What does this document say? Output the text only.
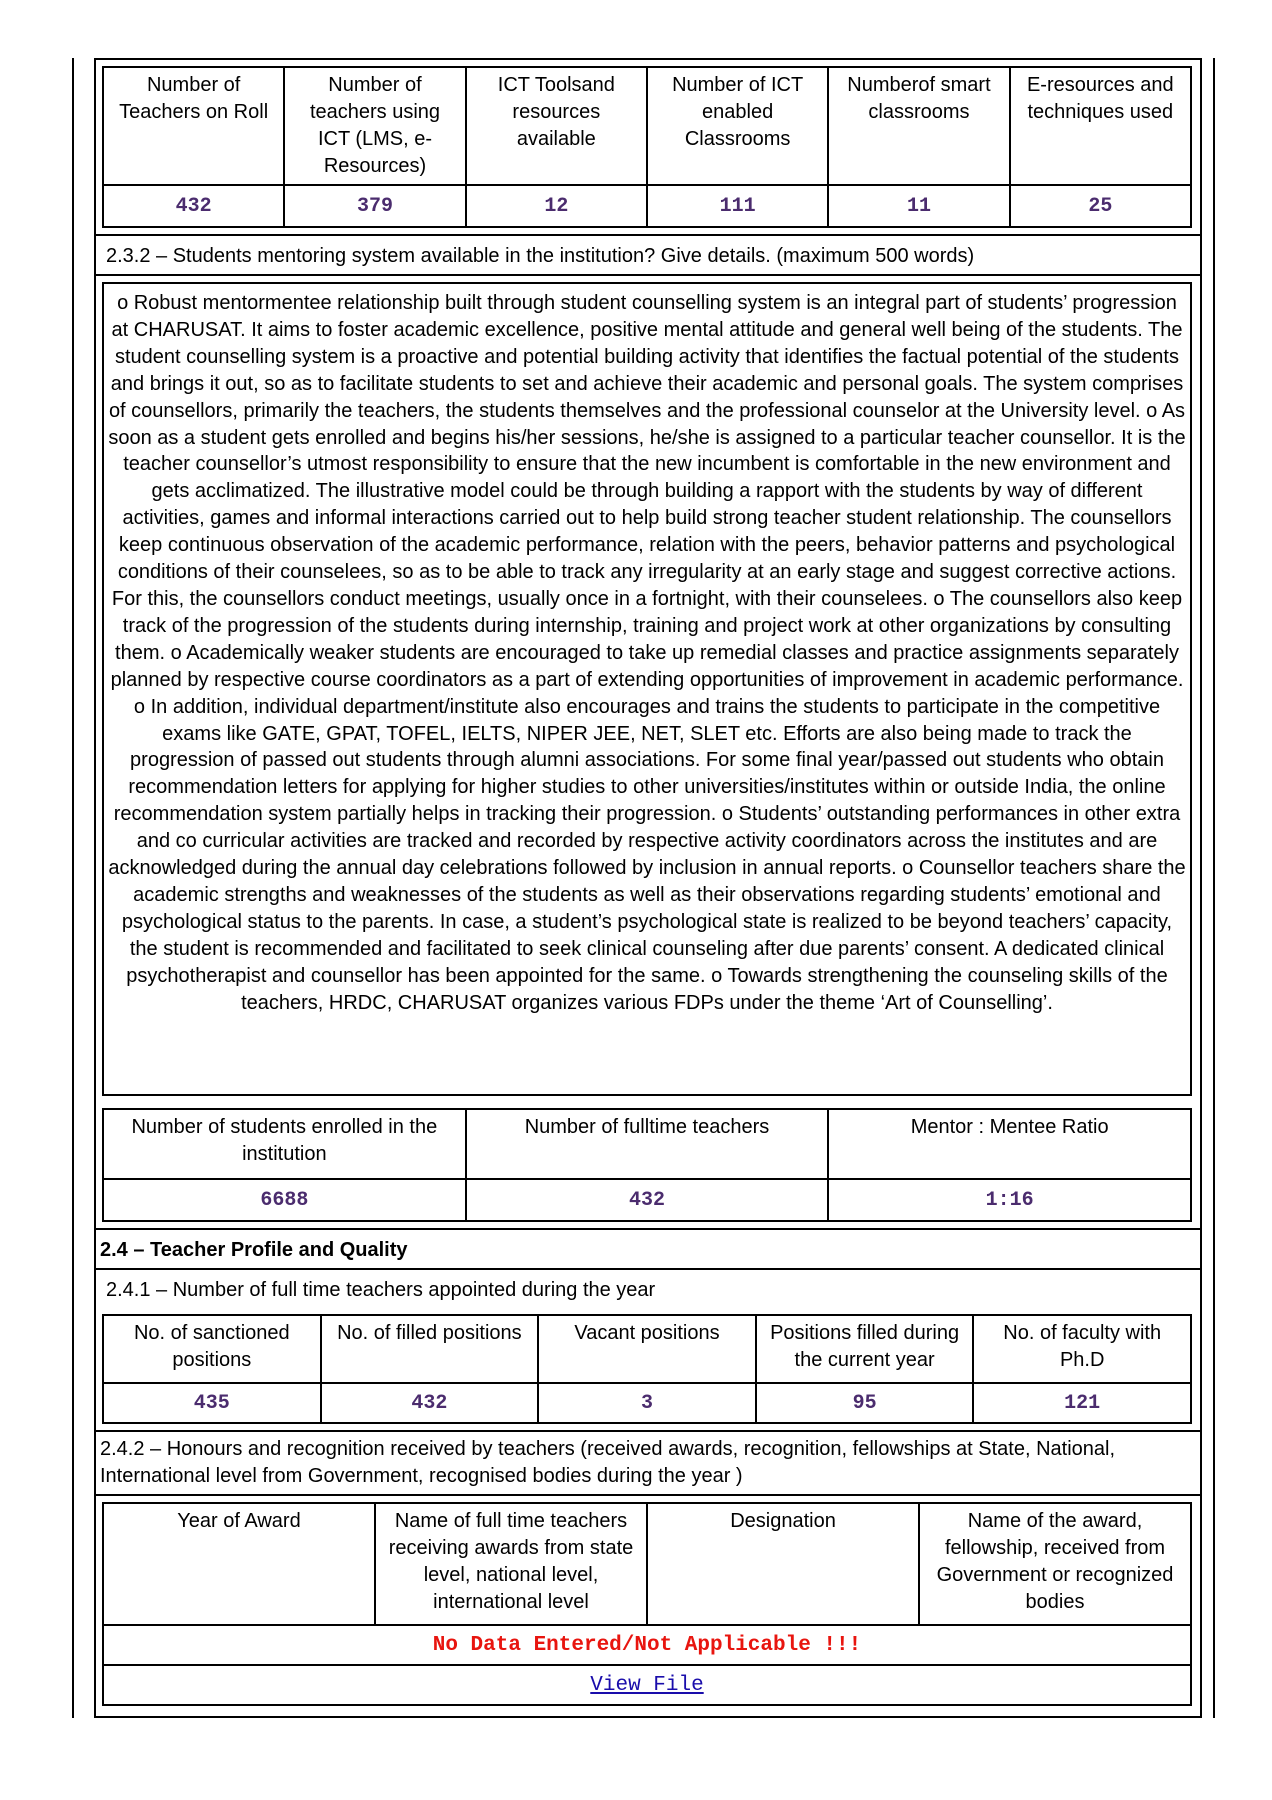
Number of Teachers on Roll	Number of teachers using ICT (LMS, e-Resources)	ICT Toolsand resources available	Number of ICT enabled Classrooms	Numberof smart classrooms	E-resources and techniques used
432	379	12	111	11	25
2.3.2 – Students mentoring system available in the institution? Give details. (maximum 500 words)
o Robust mentormentee relationship built through student counselling system is an integral part of students’ progression at CHARUSAT. It aims to foster academic excellence, positive mental attitude and general well being of the students. The student counselling system is a proactive and potential building activity that identifies the factual potential of the students and brings it out, so as to facilitate students to set and achieve their academic and personal goals. The system comprises of counsellors, primarily the teachers, the students themselves and the professional counselor at the University level. o As soon as a student gets enrolled and begins his/her sessions, he/she is assigned to a particular teacher counsellor. It is the teacher counsellor’s utmost responsibility to ensure that the new incumbent is comfortable in the new environment and gets acclimatized. The illustrative model could be through building a rapport with the students by way of different activities, games and informal interactions carried out to help build strong teacher student relationship. The counsellors keep continuous observation of the academic performance, relation with the peers, behavior patterns and psychological conditions of their counselees, so as to be able to track any irregularity at an early stage and suggest corrective actions. For this, the counsellors conduct meetings, usually once in a fortnight, with their counselees. o The counsellors also keep track of the progression of the students during internship, training and project work at other organizations by consulting them. o Academically weaker students are encouraged to take up remedial classes and practice assignments separately planned by respective course coordinators as a part of extending opportunities of improvement in academic performance. o In addition, individual department/institute also encourages and trains the students to participate in the competitive exams like GATE, GPAT, TOFEL, IELTS, NIPER JEE, NET, SLET etc. Efforts are also being made to track the progression of passed out students through alumni associations. For some final year/passed out students who obtain recommendation letters for applying for higher studies to other universities/institutes within or outside India, the online recommendation system partially helps in tracking their progression. o Students’ outstanding performances in other extra and co curricular activities are tracked and recorded by respective activity coordinators across the institutes and are acknowledged during the annual day celebrations followed by inclusion in annual reports. o Counsellor teachers share the academic strengths and weaknesses of the students as well as their observations regarding students’ emotional and psychological status to the parents. In case, a student’s psychological state is realized to be beyond teachers’ capacity, the student is recommended and facilitated to seek clinical counseling after due parents’ consent. A dedicated clinical psychotherapist and counsellor has been appointed for the same. o Towards strengthening the counseling skills of the teachers, HRDC, CHARUSAT organizes various FDPs under the theme ‘Art of Counselling’.
Number of students enrolled in the institution	Number of fulltime teachers	Mentor : Mentee Ratio
6688	432	1:16
2.4 – Teacher Profile and Quality
2.4.1 – Number of full time teachers appointed during the year
No. of sanctioned positions	No. of filled positions	Vacant positions	Positions filled during the current year	No. of faculty with Ph.D
435	432	3	95	121
2.4.2 – Honours and recognition received by teachers (received awards, recognition, fellowships at State, National, International level from Government, recognised bodies during the year )
Year of Award	Name of full time teachers receiving awards from state level, national level, international level	Designation	Name of the award, fellowship, received from Government or recognized bodies
No Data Entered/Not Applicable !!!
View File
